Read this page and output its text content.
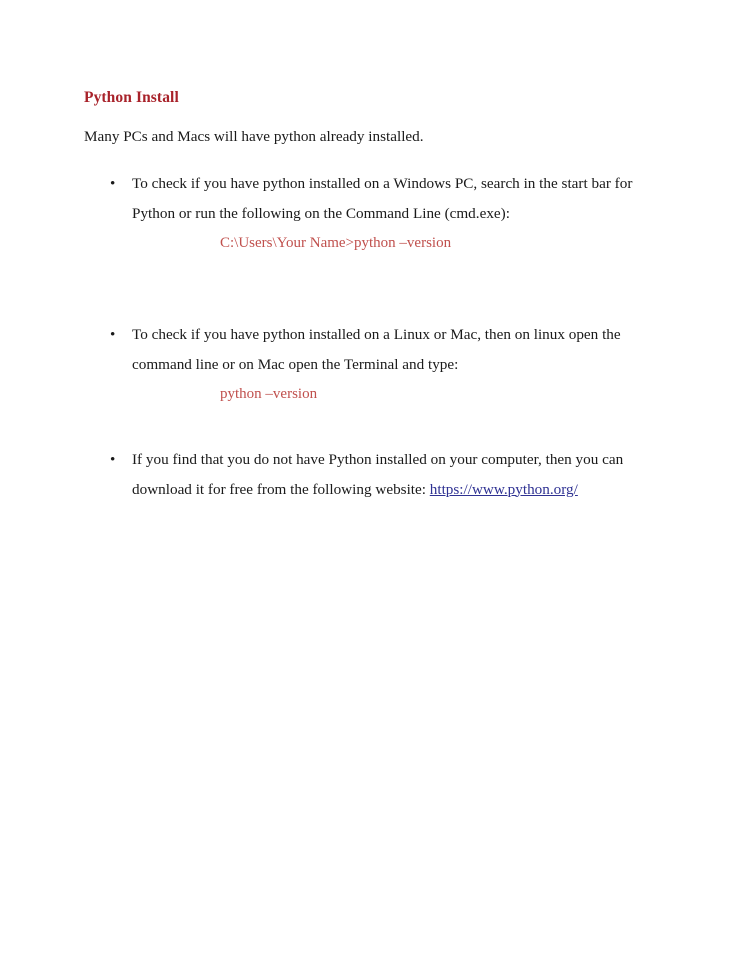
Python Install

Many PCs and Macs will have python already installed.

• To check if you have python installed on a Windows PC, search in the start bar for Python or run the following on the Command Line (cmd.exe):

C:\Users\Your Name>python –version

• To check if you have python installed on a Linux or Mac, then on linux open the command line or on Mac open the Terminal and type:

python –version

• If you find that you do not have Python installed on your computer, then you can download it for free from the following website: https://www.python.org/
